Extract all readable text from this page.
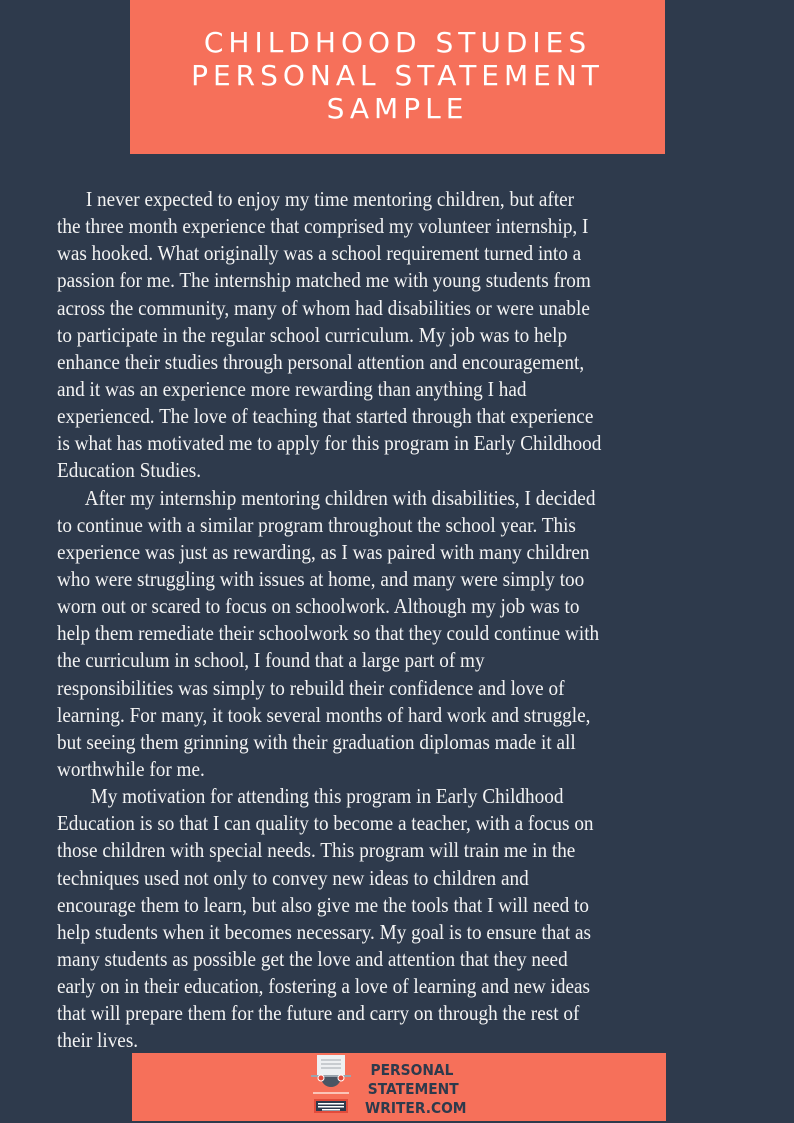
CHILDHOOD STUDIES
PERSONAL STATEMENT
SAMPLE
I never expected to enjoy my time mentoring children, but after
the three month experience that comprised my volunteer internship, I
was hooked. What originally was a school requirement turned into a
passion for me. The internship matched me with young students from
across the community, many of whom had disabilities or were unable
to participate in the regular school curriculum. My job was to help
enhance their studies through personal attention and encouragement,
and it was an experience more rewarding than anything I had
experienced. The love of teaching that started through that experience
is what has motivated me to apply for this program in Early Childhood
Education Studies.
After my internship mentoring children with disabilities, I decided
to continue with a similar program throughout the school year. This
experience was just as rewarding, as I was paired with many children
who were struggling with issues at home, and many were simply too
worn out or scared to focus on schoolwork. Although my job was to
help them remediate their schoolwork so that they could continue with
the curriculum in school, I found that a large part of my
responsibilities was simply to rebuild their confidence and love of
learning. For many, it took several months of hard work and struggle,
but seeing them grinning with their graduation diplomas made it all
worthwhile for me.
My motivation for attending this program in Early Childhood
Education is so that I can quality to become a teacher, with a focus on
those children with special needs. This program will train me in the
techniques used not only to convey new ideas to children and
encourage them to learn, but also give me the tools that I will need to
help students when it becomes necessary. My goal is to ensure that as
many students as possible get the love and attention that they need
early on in their education, fostering a love of learning and new ideas
that will prepare them for the future and carry on through the rest of
their lives.
PERSONAL
STATEMENT
WRITER.COM
